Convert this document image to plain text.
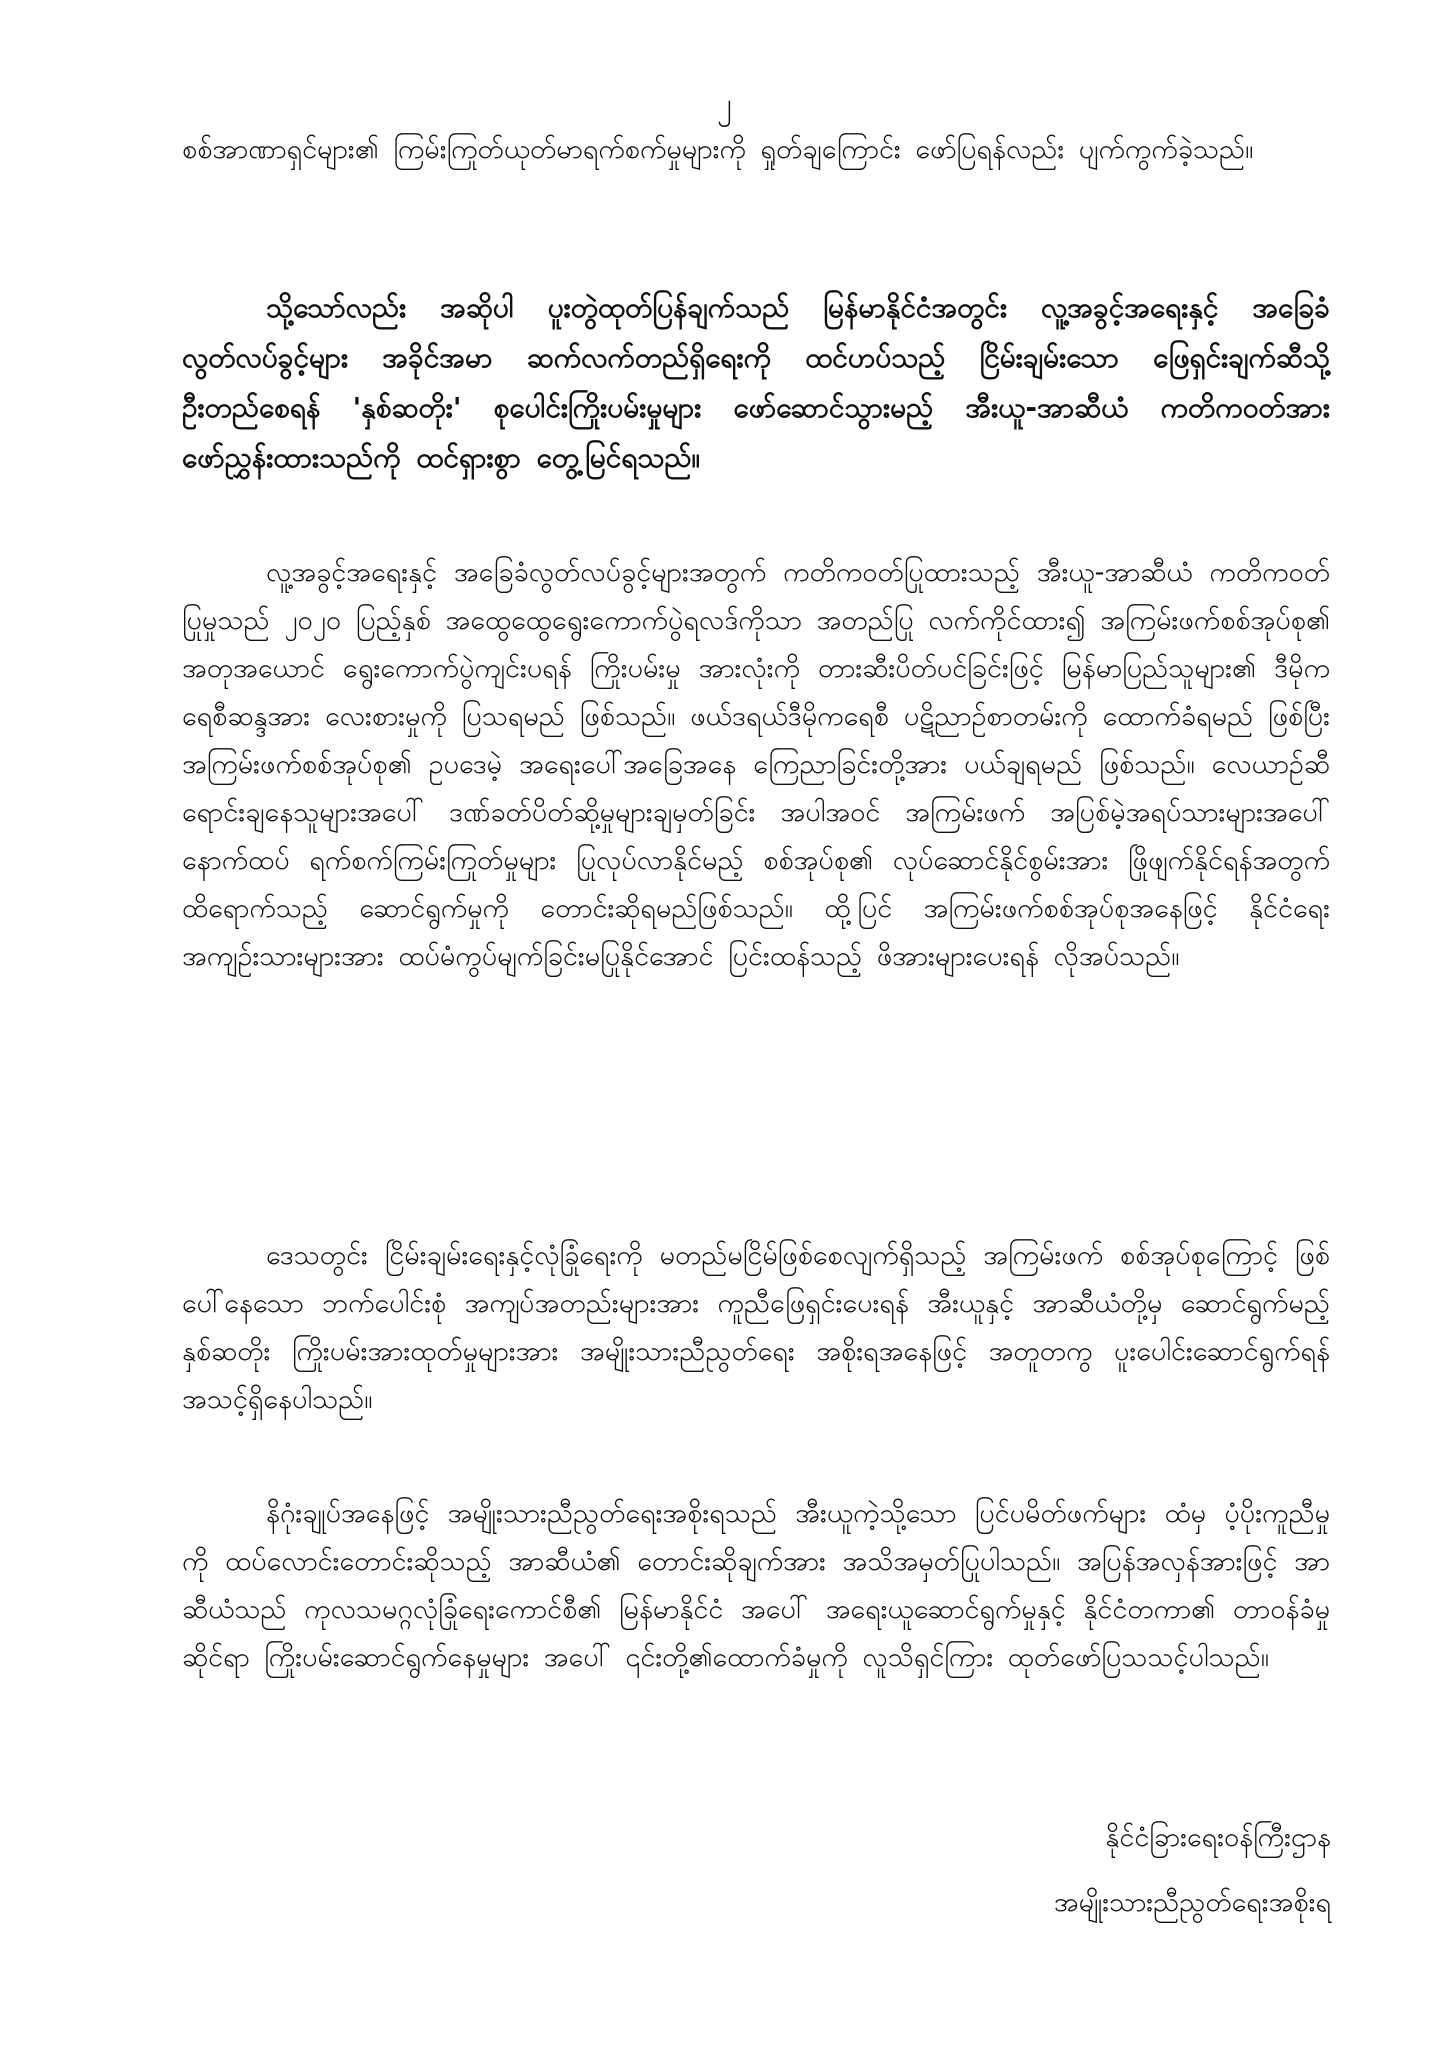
၂

စစ်အာဏာရှင်များ၏ ကြမ်းကြုတ်ယုတ်မာရက်စက်မှုများကို ရှုတ်ချကြောင်း ဖော်ပြရန်လည်း ပျက်ကွက်ခဲ့သည်။

သို့သော်လည်း အဆိုပါ ပူးတွဲထုတ်ပြန်ချက်သည် မြန်မာနိုင်ငံအတွင်း လူ့အခွင့်အရေးနှင့် အခြေခံလွတ်လပ်ခွင့်များ အခိုင်အမာ ဆက်လက်တည်ရှိရေးကို ထင်ဟပ်သည့် ငြိမ်းချမ်းသော ဖြေရှင်းချက်ဆီသို့ ဦးတည်စေရန် 'နှစ်ဆတိုး' စုပေါင်းကြိုးပမ်းမှုများ ဖော်ဆောင်သွားမည့် အီးယူ-အာဆီယံ ကတိကဝတ်အား ဖော်ညွှန်းထားသည်ကို ထင်ရှားစွာ တွေ့မြင်ရသည်။

လူ့အခွင့်အရေးနှင့် အခြေခံလွတ်လပ်ခွင့်များအတွက် ကတိကဝတ်ပြုထားသည့် အီးယူ-အာဆီယံ ကတိကဝတ်ပြုမှုသည် ၂၀၂၀ ပြည့်နှစ် အထွေထွေရွေးကောက်ပွဲရလဒ်ကိုသာ အတည်ပြု လက်ကိုင်ထား၍ အကြမ်းဖက်စစ်အုပ်စု၏ အတုအယောင် ရွေးကောက်ပွဲကျင်းပရန် ကြိုးပမ်းမှု အားလုံးကို တားဆီးပိတ်ပင်ခြင်းဖြင့် မြန်မာပြည်သူများ၏ ဒီမိုကရေစီဆန္ဒအား လေးစားမှုကို ပြသရမည် ဖြစ်သည်။ ဖယ်ဒရယ်ဒီမိုကရေစီ ပဋိညာဉ်စာတမ်းကို ထောက်ခံရမည် ဖြစ်ပြီး အကြမ်းဖက်စစ်အုပ်စု၏ ဥပဒေမဲ့ အရေးပေါ်အခြေအနေ ကြေညာခြင်းတို့အား ပယ်ချရမည် ဖြစ်သည်။ လေယာဉ်ဆီ ရောင်းချနေသူများအပေါ် ဒဏ်ခတ်ပိတ်ဆို့မှုများချမှတ်ခြင်း အပါအဝင် အကြမ်းဖက် အပြစ်မဲ့အရပ်သားများအပေါ် နောက်ထပ် ရက်စက်ကြမ်းကြုတ်မှုများ ပြုလုပ်လာနိုင်မည့် စစ်အုပ်စု၏ လုပ်ဆောင်နိုင်စွမ်းအား ဖြိုဖျက်နိုင်ရန်အတွက် ထိရောက်သည့် ဆောင်ရွက်မှုကို တောင်းဆိုရမည်ဖြစ်သည်။ ထို့ပြင် အကြမ်းဖက်စစ်အုပ်စုအနေဖြင့် နိုင်ငံရေး အကျဉ်းသားများအား ထပ်မံကွပ်မျက်ခြင်းမပြုနိုင်အောင် ပြင်းထန်သည့် ဖိအားများပေးရန် လိုအပ်သည်။

ဒေသတွင်း ငြိမ်းချမ်းရေးနှင့်လုံခြုံရေးကို မတည်မငြိမ်ဖြစ်စေလျက်ရှိသည့် အကြမ်းဖက် စစ်အုပ်စုကြောင့် ဖြစ်ပေါ်နေသော ဘက်ပေါင်းစုံ အကျပ်အတည်းများအား ကူညီဖြေရှင်းပေးရန် အီးယူနှင့် အာဆီယံတို့မှ ဆောင်ရွက်မည့် နှစ်ဆတိုး ကြိုးပမ်းအားထုတ်မှုများအား အမျိုးသားညီညွတ်ရေး အစိုးရအနေဖြင့် အတူတကွ ပူးပေါင်းဆောင်ရွက်ရန် အသင့်ရှိနေပါသည်။

နိဂုံးချုပ်အနေဖြင့် အမျိုးသားညီညွတ်ရေးအစိုးရသည် အီးယူကဲ့သို့သော ပြင်ပမိတ်ဖက်များ ထံမှ ပံ့ပိုးကူညီမှုကို ထပ်လောင်းတောင်းဆိုသည့် အာဆီယံ၏ တောင်းဆိုချက်အား အသိအမှတ်ပြုပါသည်။ အပြန်အလှန်အားဖြင့် အာဆီယံသည် ကုလသမဂ္ဂလုံခြုံရေးကောင်စီ၏ မြန်မာနိုင်ငံ အပေါ် အရေးယူဆောင်ရွက်မှုနှင့် နိုင်ငံတကာ၏ တာဝန်ခံမှုဆိုင်ရာ ကြိုးပမ်းဆောင်ရွက်နေမှုများ အပေါ် ၎င်းတို့၏ထောက်ခံမှုကို လူသိရှင်ကြား ထုတ်ဖော်ပြသသင့်ပါသည်။

နိုင်ငံခြားရေးဝန်ကြီးဌာန
အမျိုးသားညီညွတ်ရေးအစိုးရ
